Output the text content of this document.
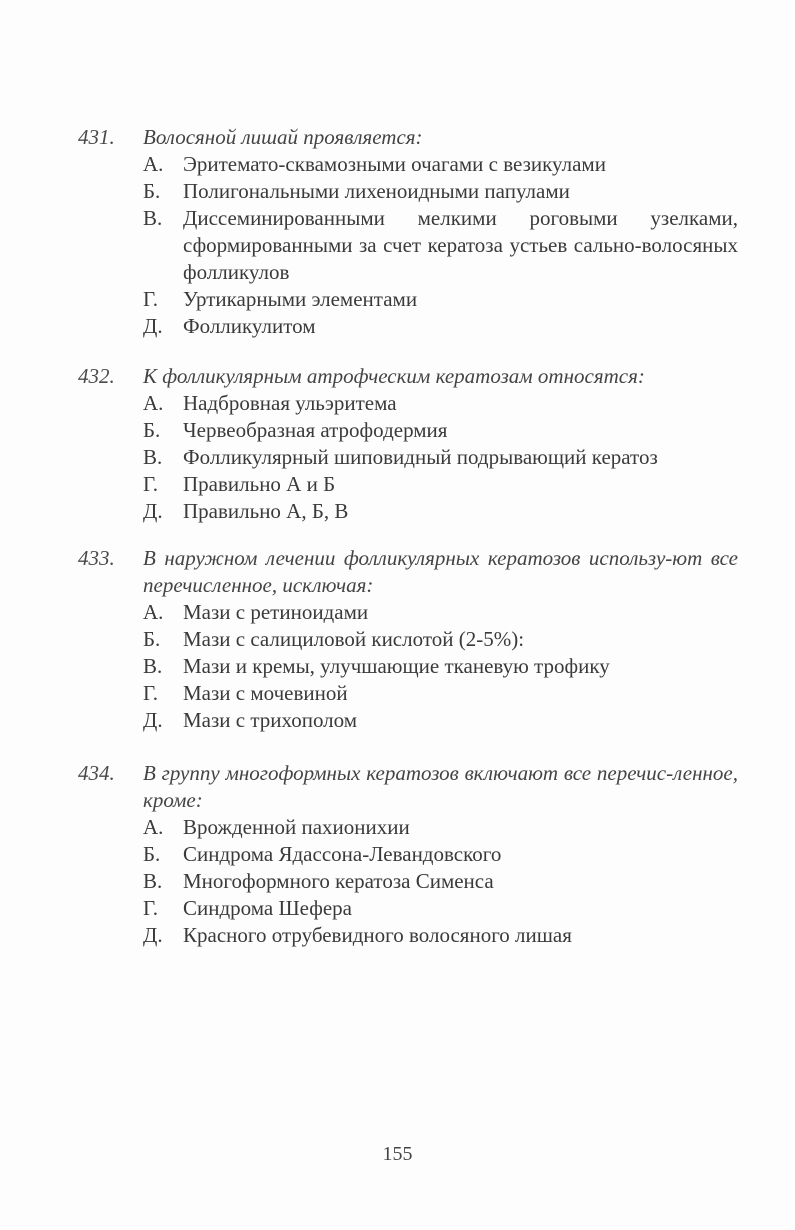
431. Волосяной лишай проявляется:
А. Эритемато-сквамозными очагами с везикулами
Б. Полигональными лихеноидными папулами
В. Диссеминированными мелкими роговыми узелками, сформированными за счет кератоза устьев сально-волосяных фолликулов
Г. Уртикарными элементами
Д. Фолликулитом
432. К фолликулярным атрофческим кератозам относятся:
А. Надбровная ульэритема
Б. Червеобразная атрофодермия
В. Фолликулярный шиповидный подрывающий кератоз
Г. Правильно А и Б
Д. Правильно А, Б, В
433. В наружном лечении фолликулярных кератозов использу-ют все перечисленное, исключая:
А. Мази с ретиноидами
Б. Мази с салициловой кислотой (2-5%):
В. Мази и кремы, улучшающие тканевую трофику
Г. Мази с мочевиной
Д. Мази с трихополом
434. В группу многоформных кератозов включают все перечис-ленное, кроме:
А. Врожденной пахионихии
Б. Синдрома Ядассона-Левандовского
В. Многоформного кератоза Сименса
Г. Синдрома Шефера
Д. Красного отрубевидного волосяного лишая
155
